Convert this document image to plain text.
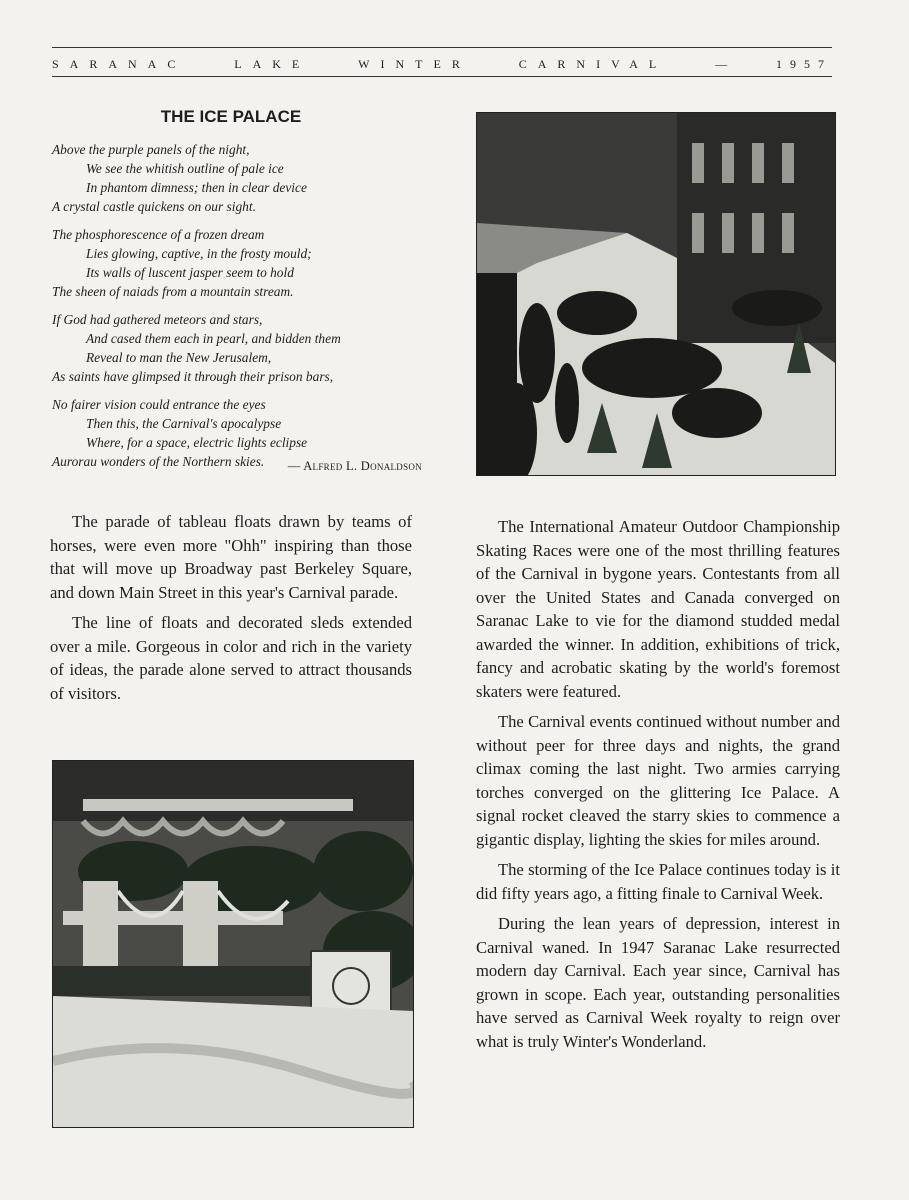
SARANAC	LAKE	WINTER	CARNIVAL	—	1957
THE ICE PALACE
Above the purple panels of the night,
We see the whitish outline of pale ice
In phantom dimness; then in clear device
A crystal castle quickens on our sight.
The phosphorescence of a frozen dream
Lies glowing, captive, in the frosty mould;
Its walls of luscent jasper seem to hold
The sheen of naiads from a mountain stream.
If God had gathered meteors and stars,
And cased them each in pearl, and bidden them
Reveal to man the New Jerusalem,
As saints have glimpsed it through their prison bars,
No fairer vision could entrance the eyes
Then this, the Carnival's apocalypse
Where, for a space, electric lights eclipse
Aurorau wonders of the Northern skies.	— Alfred L. Donaldson

The parade of tableau floats drawn by teams of horses, were even more "Ohh" inspiring than those that will move up Broadway past Berkeley Square, and down Main Street in this year's Carnival parade.

The line of floats and decorated sleds extended over a mile. Gorgeous in color and rich in the variety of ideas, the parade alone served to attract thousands of visitors.

The International Amateur Outdoor Championship Skating Races were one of the most thrilling features of the Carnival in bygone years. Contestants from all over the United States and Canada converged on Saranac Lake to vie for the diamond studded medal awarded the winner. In addition, exhibitions of trick, fancy and acrobatic skating by the world's foremost skaters were featured.

The Carnival events continued without number and without peer for three days and nights, the grand climax coming the last night. Two armies carrying torches converged on the glittering Ice Palace. A signal rocket cleaved the starry skies to commence a gigantic display, lighting the skies for miles around.

The storming of the Ice Palace continues today is it did fifty years ago, a fitting finale to Carnival Week.

During the lean years of depression, interest in Carnival waned. In 1947 Saranac Lake resurrected modern day Carnival. Each year since, Carnival has grown in scope. Each year, outstanding personalities have served as Carnival Week royalty to reign over what is truly Winter's Wonderland.
